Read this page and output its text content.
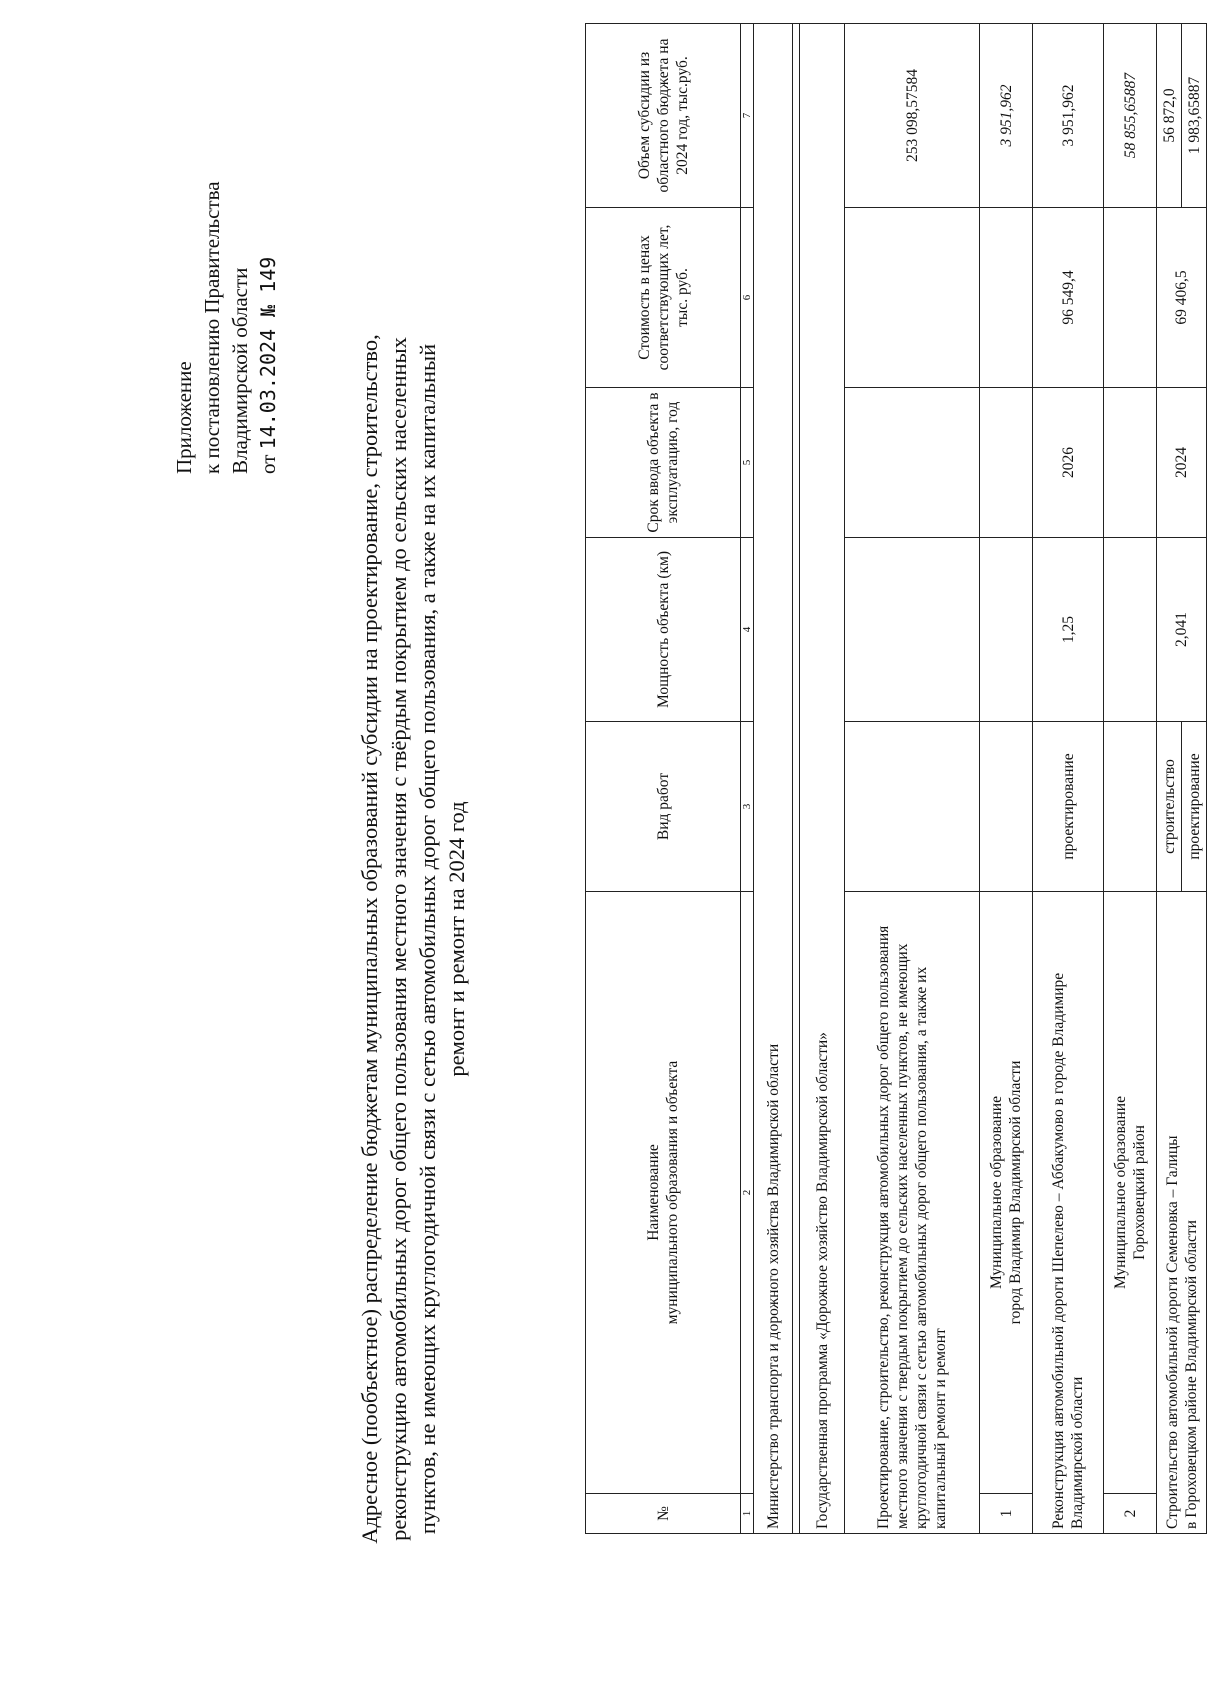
Приложение к постановлению Правительства Владимирской области от 14.03.2024 № 149	Адресное (пообъектное) распределение бюджетам муниципальных образований субсидии на проектирование, строительство, реконструкцию автомобильных дорог общего пользования местного значения с твёрдым покрытием до сельских населенных пунктов, не имеющих круглогодичной связи с сетью автомобильных дорог общего пользования, а также на их капитальный ремонт и ремонт на 2024 год
№	Наименование муниципального образования и объекта	Вид работ	Мощность объекта (км)	Срок ввода объекта в эксплуатацию, год	Стоимость в ценах соответствующих лет, тыс. руб.	Объем субсидии из областного бюджета на 2024 год, тыс.руб.
1	2	3	4	5	6	7
Министерство транспорта и дорожного хозяйства Владимирской области						

Государственная программа «Дорожное хозяйство Владимирской области»						
Проектирование, строительство, реконструкция автомобильных дорог общего пользования местного значения с твердым покрытием до сельских населенных пунктов, не имеющих круглогодичной связи с сетью автомобильных дорог общего пользования, а также их капитальный ремонт и ремонт						253 098,57584
1	Муниципальное образование город Владимир Владимирской области					3 951,962
Реконструкция автомобильной дороги Шепелево – Аббакумово в городе Владимире Владимирской области		проектирование	1,25	2026	96 549,4	3 951,962
2	Муниципальное образование Гороховецкий район					58 855,65887

Строительство автомобильной дороги Семеновка – Галицы в Гороховецком районе Владимирской области		строительство	2,041	2024	69 406,5	56 872,0
		проектирование				1 983,65887
